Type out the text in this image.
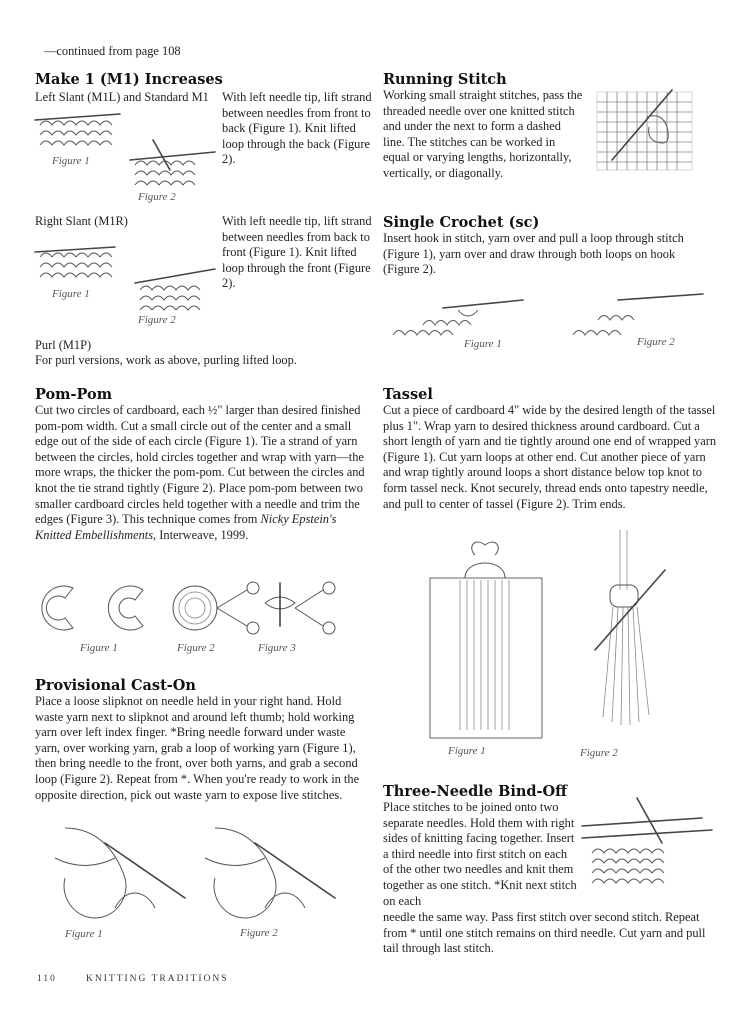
—continued from page 108
Make 1 (M1) Increases
Left Slant (M1L) and Standard M1 With left needle tip, lift strand between needles from front to back (Figure 1). Knit lifted loop through the back (Figure 2).
Figure 1
Figure 2
Right Slant (M1R)	With left needle tip, lift strand between needles from back to front (Figure 1). Knit lifted loop through the front (Figure 2).
Figure 1
Figure 2
Purl (M1P)
For purl versions, work as above, purling lifted loop.
Running Stitch
Working small straight stitches, pass the threaded needle over one knitted stitch and under the next to form a dashed line. The stitches can be worked in equal or varying lengths, horizontally, vertically, or diagonally.
Single Crochet (sc)
Insert hook in stitch, yarn over and pull a loop through stitch (Figure 1), yarn over and draw through both loops on hook (Figure 2).
Figure 1	Figure 2
Pom-Pom
Cut two circles of cardboard, each ½" larger than desired finished pom-pom width. Cut a small circle out of the center and a small edge out of the side of each circle (Figure 1). Tie a strand of yarn between the circles, hold circles together and wrap with yarn—the more wraps, the thicker the pom-pom. Cut between the circles and knot the tie strand tightly (Figure 2). Place pom-pom between two smaller cardboard circles held together with a needle and trim the edges (Figure 3). This technique comes from Nicky Epstein's Knitted Embellishments, Interweave, 1999.
Figure 1	Figure 2	Figure 3
Tassel
Cut a piece of cardboard 4" wide by the desired length of the tassel plus 1". Wrap yarn to desired thickness around cardboard. Cut a short length of yarn and tie tightly around one end of wrapped yarn (Figure 1). Cut yarn loops at other end. Cut another piece of yarn and wrap tightly around loops a short distance below top knot to form tassel neck. Knot securely, thread ends onto tapestry needle, and pull to center of tassel (Figure 2). Trim ends.
Figure 1	Figure 2
Provisional Cast-On
Place a loose slipknot on needle held in your right hand. Hold waste yarn next to slipknot and around left thumb; hold working yarn over left index finger. *Bring needle forward under waste yarn, over working yarn, grab a loop of working yarn (Figure 1), then bring needle to the front, over both yarns, and grab a second loop (Figure 2). Repeat from *. When you're ready to work in the opposite direction, pick out waste yarn to expose live stitches.
Figure 1	Figure 2
Three-Needle Bind-Off
Place stitches to be joined onto two separate needles. Hold them with right sides of knitting facing together. Insert a third needle into first stitch on each of the other two needles and knit them together as one stitch. *Knit next stitch on each
needle the same way. Pass first stitch over second stitch. Repeat from * until one stitch remains on third needle. Cut yarn and pull tail through last stitch.
110	KNITTING TRADITIONS
